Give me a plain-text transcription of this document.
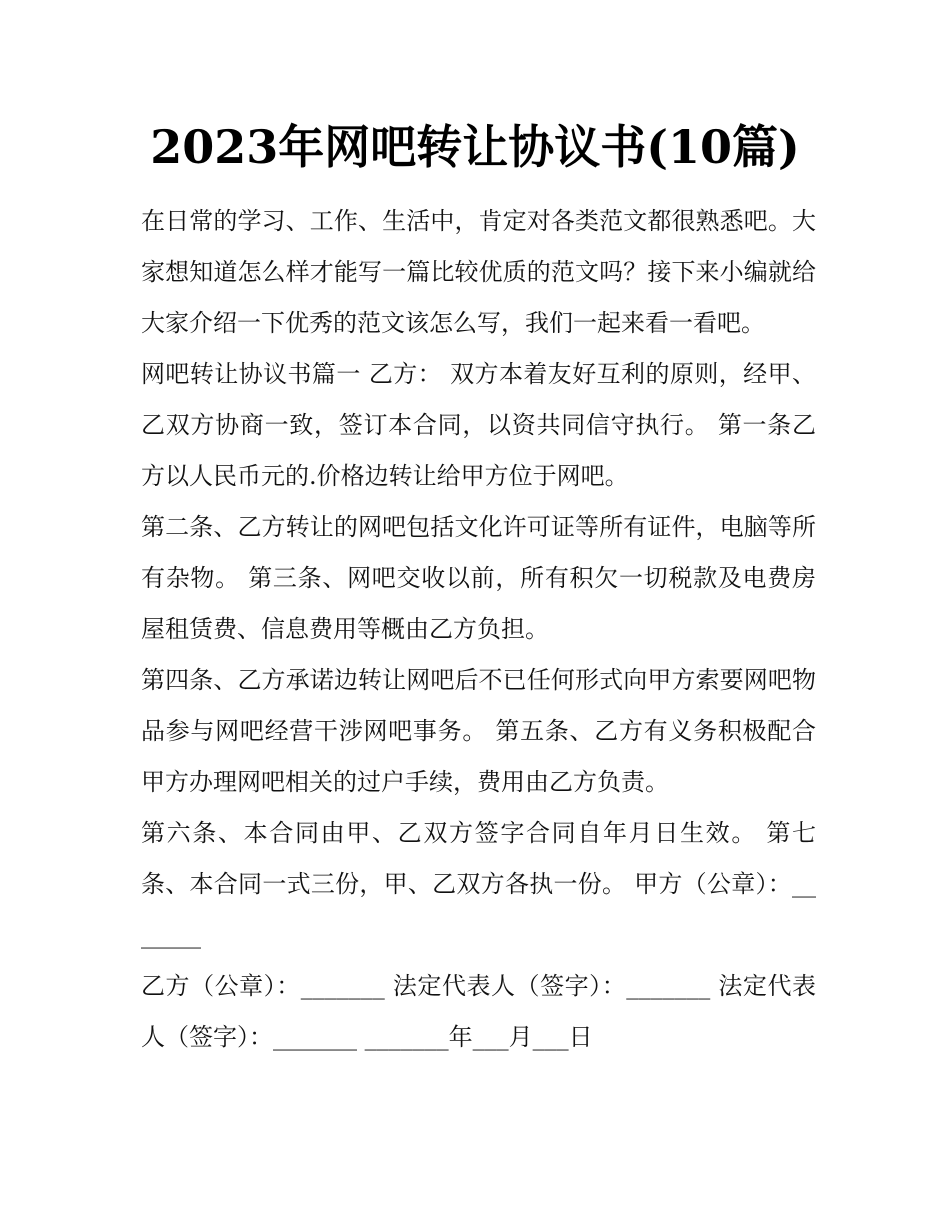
2023年网吧转让协议书(10篇)

在日常的学习、工作、生活中，肯定对各类范文都很熟悉吧。大家想知道怎么样才能写一篇比较优质的范文吗？接下来小编就给大家介绍一下优秀的范文该怎么写，我们一起来看一看吧。

网吧转让协议书篇一 乙方： 双方本着友好互利的原则，经甲、乙双方协商一致，签订本合同，以资共同信守执行。 第一条乙方以人民币元的.价格边转让给甲方位于网吧。

第二条、乙方转让的网吧包括文化许可证等所有证件，电脑等所有杂物。 第三条、网吧交收以前，所有积欠一切税款及电费房屋租赁费、信息费用等概由乙方负担。

第四条、乙方承诺边转让网吧后不已任何形式向甲方索要网吧物品参与网吧经营干涉网吧事务。 第五条、乙方有义务积极配合甲方办理网吧相关的过户手续，费用由乙方负责。

第六条、本合同由甲、乙双方签字合同自年月日生效。 第七条、本合同一式三份，甲、乙双方各执一份。 甲方（公章）：_______

乙方（公章）：_______ 法定代表人（签字）：_______ 法定代表人（签字）：_______ _______年___月___日
